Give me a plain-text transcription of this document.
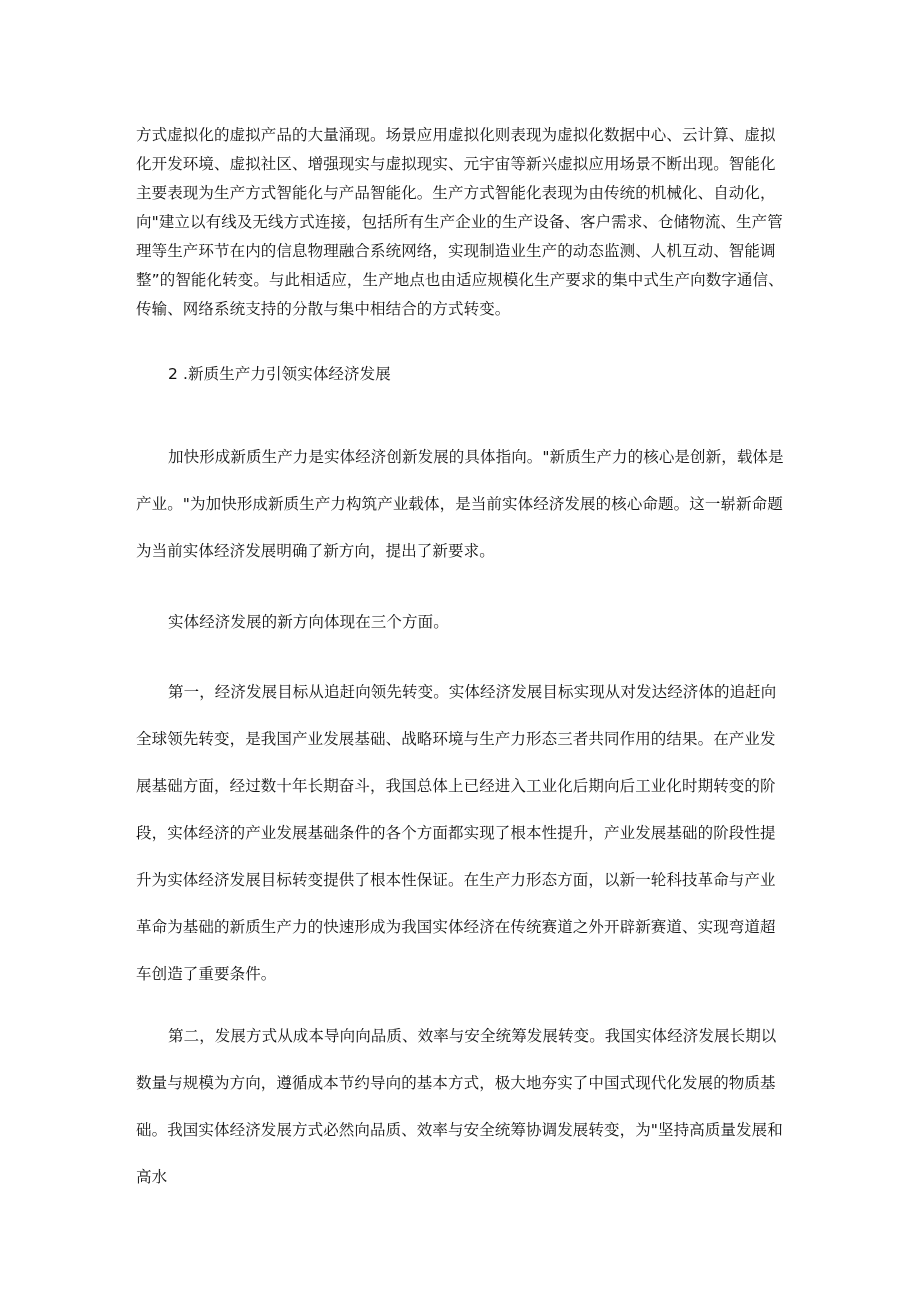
方式虚拟化的虚拟产品的大量涌现。场景应用虚拟化则表现为虚拟化数据中心、云计算、虚拟化开发环境、虚拟社区、增强现实与虚拟现实、元宇宙等新兴虚拟应用场景不断出现。智能化主要表现为生产方式智能化与产品智能化。生产方式智能化表现为由传统的机械化、自动化，向"建立以有线及无线方式连接，包括所有生产企业的生产设备、客户需求、仓储物流、生产管理等生产环节在内的信息物理融合系统网络，实现制造业生产的动态监测、人机互动、智能调整”的智能化转变。与此相适应，生产地点也由适应规模化生产要求的集中式生产向数字通信、传输、网络系统支持的分散与集中相结合的方式转变。

2 .新质生产力引领实体经济发展

加快形成新质生产力是实体经济创新发展的具体指向。"新质生产力的核心是创新，载体是产业。"为加快形成新质生产力构筑产业载体，是当前实体经济发展的核心命题。这一崭新命题为当前实体经济发展明确了新方向，提出了新要求。

实体经济发展的新方向体现在三个方面。

第一，经济发展目标从追赶向领先转变。实体经济发展目标实现从对发达经济体的追赶向全球领先转变，是我国产业发展基础、战略环境与生产力形态三者共同作用的结果。在产业发展基础方面，经过数十年长期奋斗，我国总体上已经进入工业化后期向后工业化时期转变的阶段，实体经济的产业发展基础条件的各个方面都实现了根本性提升，产业发展基础的阶段性提升为实体经济发展目标转变提供了根本性保证。在生产力形态方面，以新一轮科技革命与产业革命为基础的新质生产力的快速形成为我国实体经济在传统赛道之外开辟新赛道、实现弯道超车创造了重要条件。

第二，发展方式从成本导向向品质、效率与安全统筹发展转变。我国实体经济发展长期以数量与规模为方向，遵循成本节约导向的基本方式，极大地夯实了中国式现代化发展的物质基础。我国实体经济发展方式必然向品质、效率与安全统筹协调发展转变，为"坚持高质量发展和高水
